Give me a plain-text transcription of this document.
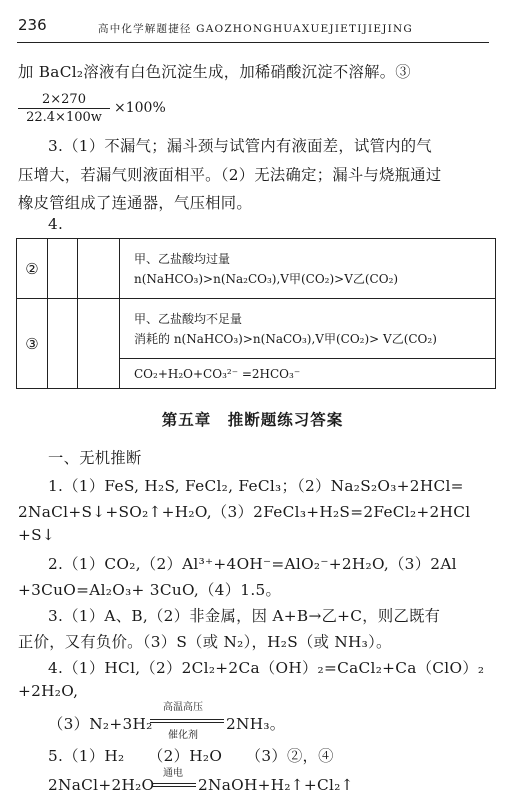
236	高中化学解题捷径 GAOZHONGHUAXUEJIETIJIEJING
加 BaCl₂溶液有白色沉淀生成，加稀硝酸沉淀不溶解。③
$\frac{2\times 270}{22.4\times 100w} \times 100\%$
3.（1）不漏气；漏斗颈与试管内有液面差，试管内的气
压增大，若漏气则液面相平。（2）无法确定；漏斗与烧瓶通过
橡皮管组成了连通器，气压相同。
4.
②			甲、乙盐酸均过量
n(NaHCO₃)>n(Na₂CO₃),V甲(CO₂)>V乙(CO₂)

③			甲、乙盐酸均不足量
消耗的 n(NaHCO₃)>n(NaCO₃),V甲(CO₂)> V乙(CO₂)

			CO₂+H₂O+CO₃²⁻ =2HCO₃⁻
第五章　推断题练习答案
一、无机推断
1.（1）FeS, H₂S, FeCl₂, FeCl₃；（2）Na₂S₂O₃+2HCl=
2NaCl+S↓+SO₂↑+H₂O,（3）2FeCl₃+H₂S=2FeCl₂+2HCl
+S↓
2.（1）CO₂,（2）Al³⁺+4OH⁻=AlO₂⁻+2H₂O,（3）2Al
+3CuO=Al₂O₃+ 3CuO,（4）1.5。
3.（1）A、B,（2）非金属，因 A+B→乙+C，则乙既有
正价，又有负价。（3）S（或 N₂），H₂S（或 NH₃）。
4.（1）HCl,（2）2Cl₂+2Ca（OH）₂=CaCl₂+Ca（ClO）₂
+2H₂O,
（3）N₂+3H₂
高温高压
催化剂
2NH₃。
5.（1）H₂　　（2）H₂O　　（3）②，④
2NaCl+2H₂O
通电
2NaOH+H₂↑+Cl₂↑
